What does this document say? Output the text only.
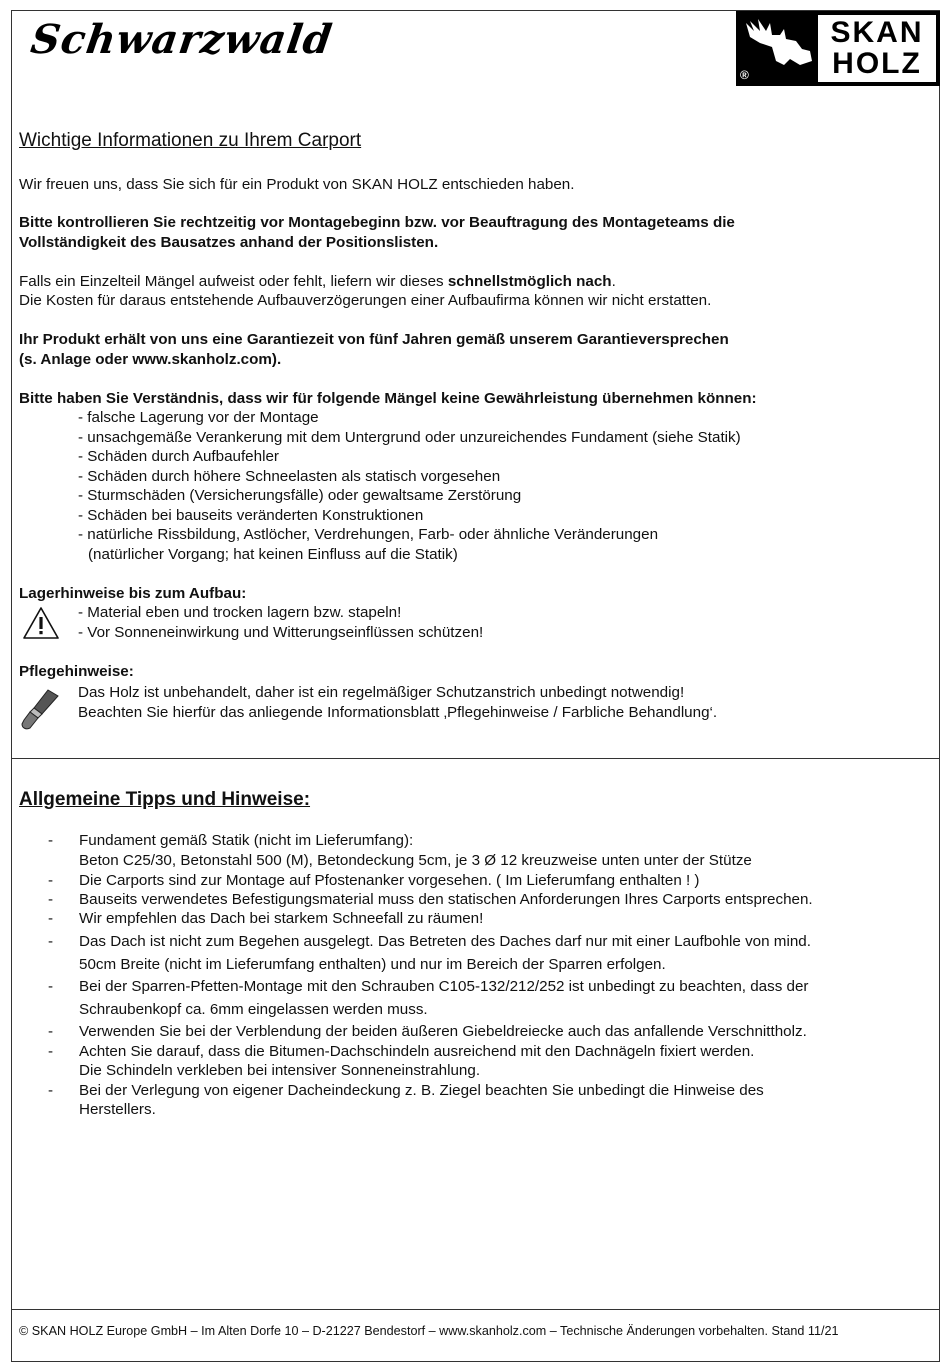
Schwarzwald
®
SKAN
HOLZ
Wichtige Informationen zu Ihrem Carport
Wir freuen uns, dass Sie sich für ein Produkt von SKAN HOLZ entschieden haben.
Bitte kontrollieren Sie rechtzeitig vor Montagebeginn bzw. vor Beauftragung des Montageteams die
Vollständigkeit des Bausatzes anhand der Positionslisten.
Falls ein Einzelteil Mängel aufweist oder fehlt, liefern wir dieses schnellstmöglich nach.
Die Kosten für daraus entstehende Aufbauverzögerungen einer Aufbaufirma können wir nicht erstatten.
Ihr Produkt erhält von uns eine Garantiezeit von fünf Jahren gemäß unserem Garantieversprechen
(s. Anlage oder www.skanholz.com).
Bitte haben Sie Verständnis, dass wir für folgende Mängel keine Gewährleistung übernehmen können:
- falsche Lagerung vor der Montage
- unsachgemäße Verankerung mit dem Untergrund oder unzureichendes Fundament (siehe Statik)
- Schäden durch Aufbaufehler
- Schäden durch höhere Schneelasten als statisch vorgesehen
- Sturmschäden (Versicherungsfälle) oder gewaltsame Zerstörung
- Schäden bei bauseits veränderten Konstruktionen
- natürliche Rissbildung, Astlöcher, Verdrehungen, Farb- oder ähnliche Veränderungen
(natürlicher Vorgang; hat keinen Einfluss auf die Statik)
Lagerhinweise bis zum Aufbau:
- Material eben und trocken lagern bzw. stapeln!
- Vor Sonneneinwirkung und Witterungseinflüssen schützen!
Pflegehinweise:
Das Holz ist unbehandelt, daher ist ein regelmäßiger Schutzanstrich unbedingt notwendig!
Beachten Sie hierfür das anliegende Informationsblatt ‚Pflegehinweise / Farbliche Behandlung‘.
Allgemeine Tipps und Hinweise:
- Fundament gemäß Statik (nicht im Lieferumfang):
Beton C25/30, Betonstahl 500 (M), Betondeckung 5cm, je 3 Ø 12 kreuzweise unten unter der Stütze
- Die Carports sind zur Montage auf Pfostenanker vorgesehen. ( Im Lieferumfang enthalten ! )
- Bauseits verwendetes Befestigungsmaterial muss den statischen Anforderungen Ihres Carports entsprechen.
- Wir empfehlen das Dach bei starkem Schneefall zu räumen!
- Das Dach ist nicht zum Begehen ausgelegt. Das Betreten des Daches darf nur mit einer Laufbohle von mind.
50cm Breite (nicht im Lieferumfang enthalten) und nur im Bereich der Sparren erfolgen.
- Bei der Sparren-Pfetten-Montage mit den Schrauben C105-132/212/252 ist unbedingt zu beachten, dass der
Schraubenkopf ca. 6mm eingelassen werden muss.
- Verwenden Sie bei der Verblendung der beiden äußeren Giebeldreiecke auch das anfallende Verschnittholz.
- Achten Sie darauf, dass die Bitumen-Dachschindeln ausreichend mit den Dachnägeln fixiert werden.
Die Schindeln verkleben bei intensiver Sonneneinstrahlung.
- Bei der Verlegung von eigener Dacheindeckung z. B. Ziegel beachten Sie unbedingt die Hinweise des
Herstellers.
© SKAN HOLZ Europe GmbH – Im Alten Dorfe 10 – D-21227 Bendestorf – www.skanholz.com – Technische Änderungen vorbehalten. Stand 11/21
